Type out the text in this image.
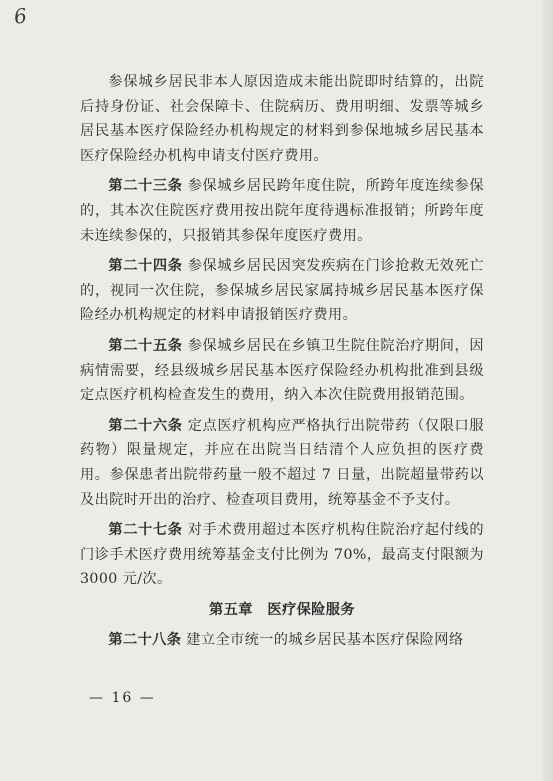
6

参保城乡居民非本人原因造成未能出院即时结算的，出院后持身份证、社会保障卡、住院病历、费用明细、发票等城乡居民基本医疗保险经办机构规定的材料到参保地城乡居民基本医疗保险经办机构申请支付医疗费用。

第二十三条 参保城乡居民跨年度住院，所跨年度连续参保的，其本次住院医疗费用按出院年度待遇标准报销；所跨年度未连续参保的，只报销其参保年度医疗费用。

第二十四条 参保城乡居民因突发疾病在门诊抢救无效死亡的，视同一次住院，参保城乡居民家属持城乡居民基本医疗保险经办机构规定的材料申请报销医疗费用。

第二十五条 参保城乡居民在乡镇卫生院住院治疗期间，因病情需要，经县级城乡居民基本医疗保险经办机构批准到县级定点医疗机构检查发生的费用，纳入本次住院费用报销范围。

第二十六条 定点医疗机构应严格执行出院带药（仅限口服药物）限量规定，并应在出院当日结清个人应负担的医疗费用。参保患者出院带药量一般不超过 7 日量，出院超量带药以及出院时开出的治疗、检查项目费用，统筹基金不予支付。

第二十七条 对手术费用超过本医疗机构住院治疗起付线的门诊手术医疗费用统筹基金支付比例为 70%，最高支付限额为 3000 元/次。

第五章　医疗保险服务

第二十八条 建立全市统一的城乡居民基本医疗保险网络

— 16 —
